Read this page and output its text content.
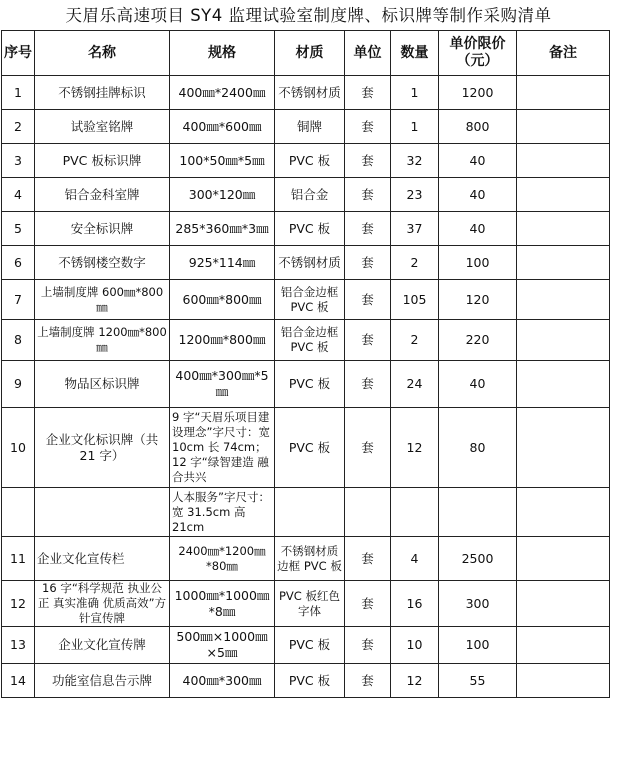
天眉乐高速项目 SY4 监理试验室制度牌、标识牌等制作采购清单
序号	名称	规格	材质	单位	数量	单价限价（元）	备注
1	不锈钢挂牌标识	400㎜*2400㎜	不锈钢材质	套	1	1200	
2	试验室铭牌	400㎜*600㎜	铜牌	套	1	800	
3	PVC 板标识牌	100*50㎜*5㎜	PVC 板	套	32	40	
4	铝合金科室牌	300*120㎜	铝合金	套	23	40	
5	安全标识牌	285*360㎜*3㎜	PVC 板	套	37	40	
6	不锈钢楼空数字	925*114㎜	不锈钢材质	套	2	100	
7	上墙制度牌 600㎜*800㎜	600㎜*800㎜	铝合金边框 PVC 板	套	105	120	
8	上墙制度牌 1200㎜*800㎜	1200㎜*800㎜	铝合金边框 PVC 板	套	2	220	
9	物品区标识牌	400㎜*300㎜*5㎜	PVC 板	套	24	40	
10	企业文化标识牌（共 21 字）	9 字“天眉乐项目建设理念”字尺寸：宽 10cm 长 74cm；12 字“绿智建造 融合共兴	PVC 板	套	12	80	
		人本服务”字尺寸：宽 31.5cm 高 21cm					
11	企业文化宣传栏	2400㎜*1200㎜*80㎜	不锈钢材质边框 PVC 板	套	4	2500	
12	16 字“科学规范 执业公正 真实准确 优质高效”方针宣传牌	1000㎜*1000㎜*8㎜	PVC 板红色字体	套	16	300	
13	企业文化宣传牌	500㎜×1000㎜×5㎜	PVC 板	套	10	100	
14	功能室信息告示牌	400㎜*300㎜	PVC 板	套	12	55	
